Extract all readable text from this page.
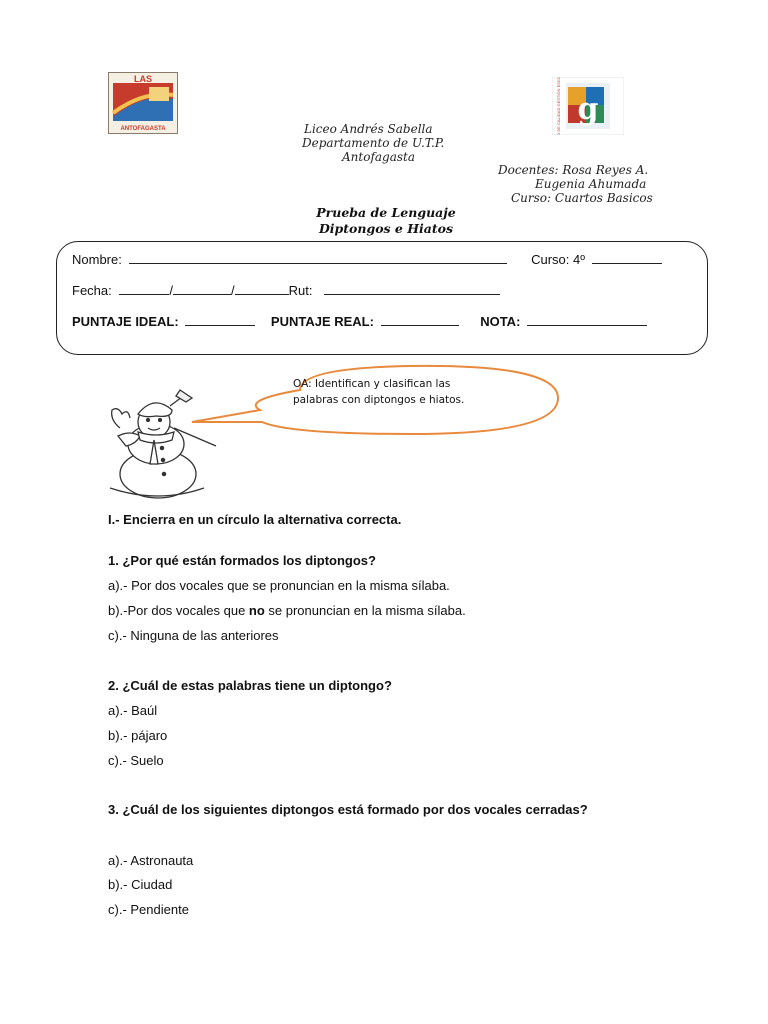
LAS
ANTOFAGASTA
g
SELLO DE CALIDAD GESTIÓN ESCOLAR
Liceo Andrés Sabella
Departamento de U.T.P.
Antofagasta
Docentes: Rosa Reyes A.
Eugenia Ahumada
Curso: Cuartos Basicos
Prueba de Lenguaje
Diptongos e Hiatos
Nombre:	Curso: 4º
Fecha:	/	/	Rut:
PUNTAJE IDEAL:	PUNTAJE REAL:	NOTA:
OA: Identifican y clasifican las
palabras con diptongos e hiatos.
I.- Encierra en un círculo la alternativa correcta.
1. ¿Por qué están formados los diptongos?
a).- Por dos vocales que se pronuncian en la misma sílaba.
b).-Por dos vocales que no se pronuncian en la misma sílaba.
c).- Ninguna de las anteriores
2. ¿Cuál de estas palabras tiene un diptongo?
a).- Baúl
b).- pájaro
c).- Suelo
3. ¿Cuál de los siguientes diptongos está formado por dos vocales cerradas?
a).- Astronauta
b).- Ciudad
c).- Pendiente
